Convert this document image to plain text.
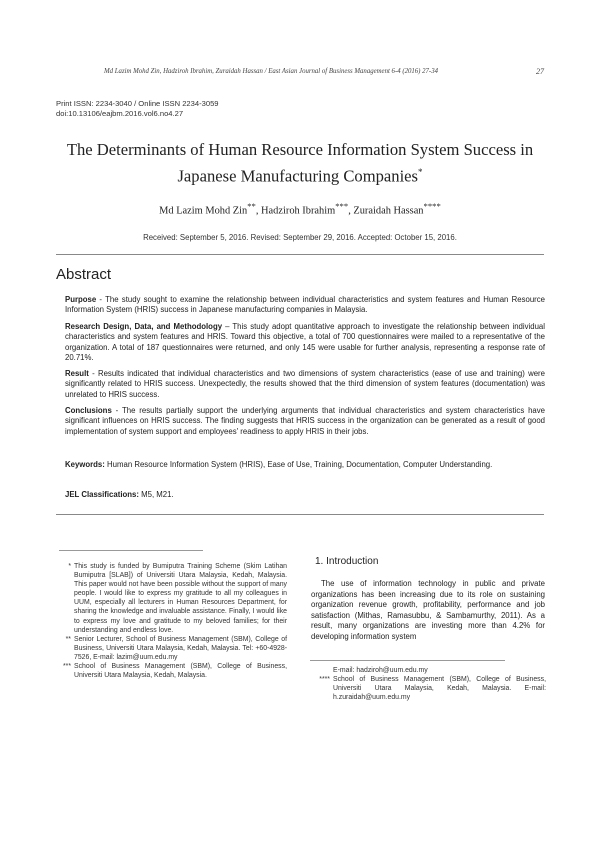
Md Lazim Mohd Zin, Hadziroh Ibrahim, Zuraidah Hassan / East Asian Journal of Business Management 6-4 (2016) 27-34	27
Print ISSN: 2234-3040 / Online ISSN 2234-3059
doi:10.13106/eajbm.2016.vol6.no4.27
The Determinants of Human Resource Information System Success in
Japanese Manufacturing Companies*
Md Lazim Mohd Zin**, Hadziroh Ibrahim***, Zuraidah Hassan****
Received: September 5, 2016. Revised: September 29, 2016. Accepted: October 15, 2016.
Abstract
Purpose - The study sought to examine the relationship between individual characteristics and system features and Human Resource Information System (HRIS) success in Japanese manufacturing companies in Malaysia.
Research Design, Data, and Methodology – This study adopt quantitative approach to investigate the relationship between individual characteristics and system features and HRIS. Toward this objective, a total of 700 questionnaires were mailed to a representative of the organization. A total of 187 questionnaires were returned, and only 145 were usable for further analysis, representing a response rate of 20.71%.
Result - Results indicated that individual characteristics and two dimensions of system characteristics (ease of use and training) were significantly related to HRIS success. Unexpectedly, the results showed that the third dimension of system features (documentation) was unrelated to HRIS success.
Conclusions - The results partially support the underlying arguments that individual characteristics and system characteristics have significant influences on HRIS success. The finding suggests that HRIS success in the organization can be generated as a result of good implementation of system support and employees' readiness to apply HRIS in their jobs.
Keywords: Human Resource Information System (HRIS), Ease of Use, Training, Documentation, Computer Understanding.
JEL Classifications: M5, M21.
* This study is funded by Bumiputra Training Scheme (Skim Latihan Bumiputra [SLAB]) of Universiti Utara Malaysia, Kedah, Malaysia. This paper would not have been possible without the support of many people. I would like to express my gratitude to all my colleagues in UUM, especially all lecturers in Human Resources Department, for sharing the knowledge and invaluable assistance. Finally, I would like to express my love and gratitude to my beloved families; for their understanding and endless love.
** Senior Lecturer, School of Business Management (SBM), College of Business, Universiti Utara Malaysia, Kedah, Malaysia. Tel: +60-4928-7526, E-mail: lazim@uum.edu.my
*** School of Business Management (SBM), College of Business, Universiti Utara Malaysia, Kedah, Malaysia.
1. Introduction
The use of information technology in public and private organizations has been increasing due to its role on sustaining organization revenue growth, profitability, performance and job satisfaction (Mithas, Ramasubbu, & Sambamurthy, 2011). As a result, many organizations are investing more than 4.2% for developing information system
E-mail: hadziroh@uum.edu.my
**** School of Business Management (SBM), College of Business, Universiti Utara Malaysia, Kedah, Malaysia. E-mail: h.zuraidah@uum.edu.my
